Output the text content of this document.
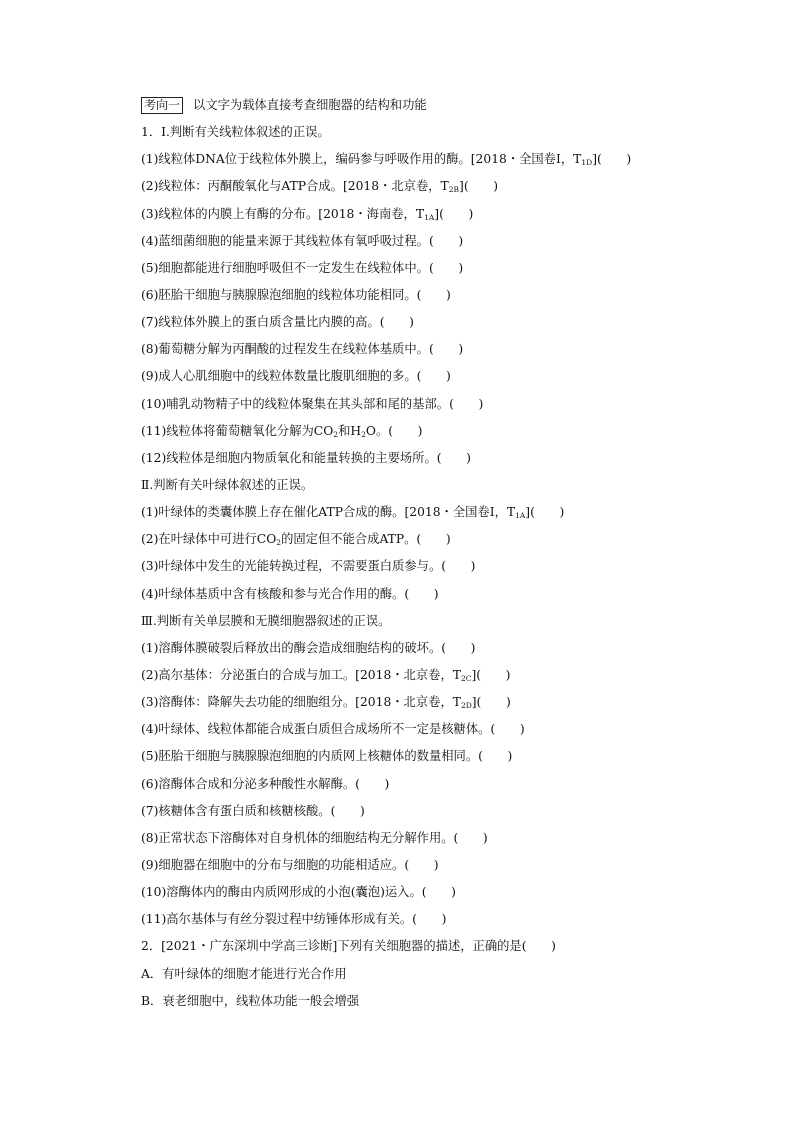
考向一 以文字为载体直接考查细胞器的结构和功能
1．Ⅰ.判断有关线粒体叙述的正误。
(1)线粒体DNA位于线粒体外膜上，编码参与呼吸作用的酶。[2018・全国卷Ⅰ，$T_{1D}$](　　)
(2)线粒体：丙酮酸氧化与ATP合成。[2018・北京卷，$T_{2B}$](　　)
(3)线粒体的内膜上有酶的分布。[2018・海南卷，$T_{1A}$](　　)
(4)蓝细菌细胞的能量来源于其线粒体有氧呼吸过程。(　　)
(5)细胞都能进行细胞呼吸但不一定发生在线粒体中。(　　)
(6)胚胎干细胞与胰腺腺泡细胞的线粒体功能相同。(　　)
(7)线粒体外膜上的蛋白质含量比内膜的高。(　　)
(8)葡萄糖分解为丙酮酸的过程发生在线粒体基质中。(　　)
(9)成人心肌细胞中的线粒体数量比腹肌细胞的多。(　　)
(10)哺乳动物精子中的线粒体聚集在其头部和尾的基部。(　　)
(11)线粒体将葡萄糖氧化分解为$CO_2$和$H_2O$。(　　)
(12)线粒体是细胞内物质氧化和能量转换的主要场所。(　　)
Ⅱ.判断有关叶绿体叙述的正误。
(1)叶绿体的类囊体膜上存在催化ATP合成的酶。[2018・全国卷Ⅰ，$T_{1A}$](　　)
(2)在叶绿体中可进行$CO_2$的固定但不能合成ATP。(　　)
(3)叶绿体中发生的光能转换过程，不需要蛋白质参与。(　　)
(4)叶绿体基质中含有核酸和参与光合作用的酶。(　　)
Ⅲ.判断有关单层膜和无膜细胞器叙述的正误。
(1)溶酶体膜破裂后释放出的酶会造成细胞结构的破坏。(　　)
(2)高尔基体：分泌蛋白的合成与加工。[2018・北京卷，$T_{2C}$](　　)
(3)溶酶体：降解失去功能的细胞组分。[2018・北京卷，$T_{2D}$](　　)
(4)叶绿体、线粒体都能合成蛋白质但合成场所不一定是核糖体。(　　)
(5)胚胎干细胞与胰腺腺泡细胞的内质网上核糖体的数量相同。(　　)
(6)溶酶体合成和分泌多种酸性水解酶。(　　)
(7)核糖体含有蛋白质和核糖核酸。(　　)
(8)正常状态下溶酶体对自身机体的细胞结构无分解作用。(　　)
(9)细胞器在细胞中的分布与细胞的功能相适应。(　　)
(10)溶酶体内的酶由内质网形成的小泡(囊泡)运入。(　　)
(11)高尔基体与有丝分裂过程中纺锤体形成有关。(　　)
2．[2021・广东深圳中学高三诊断]下列有关细胞器的描述，正确的是(　　)
A．有叶绿体的细胞才能进行光合作用
B．衰老细胞中，线粒体功能一般会增强
